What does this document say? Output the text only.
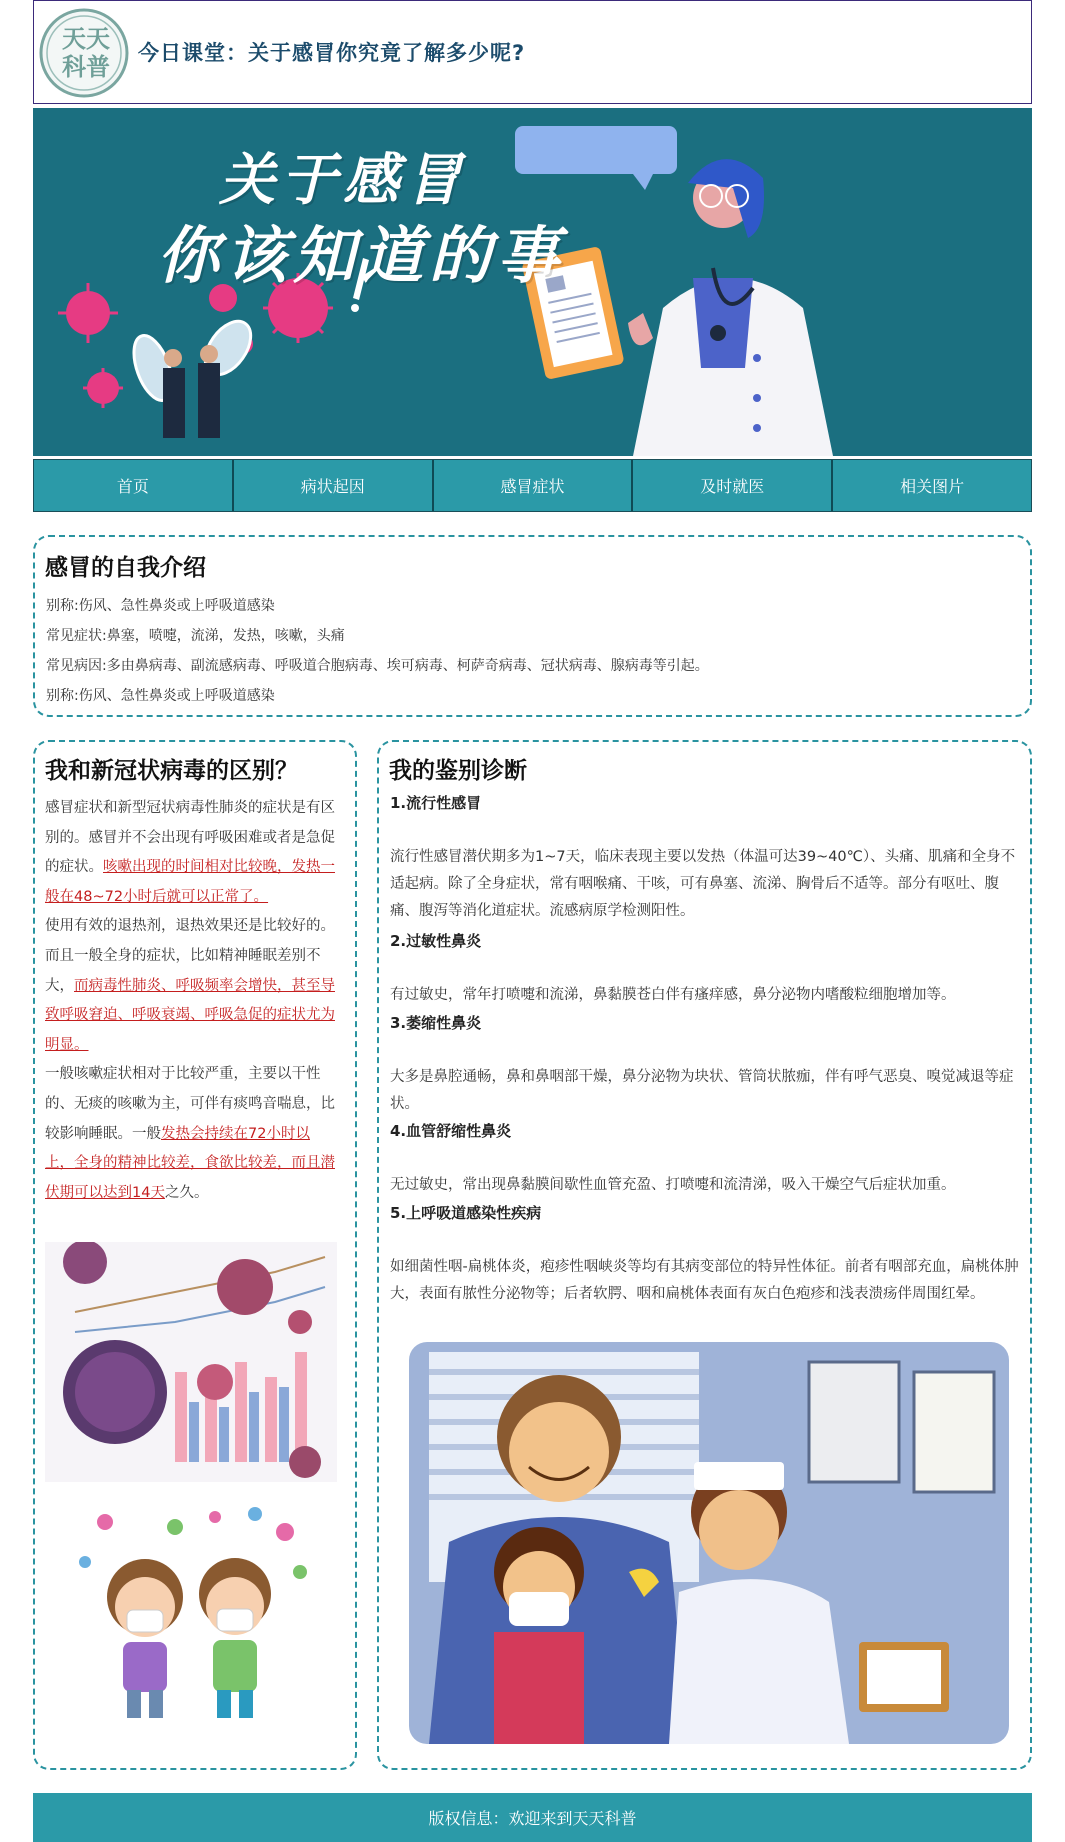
天 天
科 普 今日课堂：关于感冒你究竟了解多少呢?
关于感冒
你该知道的事
首页	病状起因	感冒症状	及时就医	相关图片
感冒的自我介绍
别称:伤风、急性鼻炎或上呼吸道感染
常见症状:鼻塞，喷嚏，流涕，发热，咳嗽，头痛
常见病因:多由鼻病毒、副流感病毒、呼吸道合胞病毒、埃可病毒、柯萨奇病毒、冠状病毒、腺病毒等引起。
别称:伤风、急性鼻炎或上呼吸道感染
我和新冠状病毒的区别？
感冒症状和新型冠状病毒性肺炎的症状是有区别的。感冒并不会出现有呼吸困难或者是急促的症状。咳嗽出现的时间相对比较晚，发热一般在48~72小时后就可以正常了。
使用有效的退热剂，退热效果还是比较好的。而且一般全身的症状，比如精神睡眠差别不大，而病毒性肺炎、呼吸频率会增快，甚至导致呼吸窘迫、呼吸衰竭、呼吸急促的症状尤为明显。
一般咳嗽症状相对于比较严重，主要以干性的、无痰的咳嗽为主，可伴有痰鸣音喘息，比较影响睡眠。一般发热会持续在72小时以上，全身的精神比较差，食欲比较差，而且潜伏期可以达到14天之久。
我的鉴别诊断
1.流行性感冒
流行性感冒潜伏期多为1~7天，临床表现主要以发热（体温可达39~40℃）、头痛、肌痛和全身不适起病。除了全身症状，常有咽喉痛、干咳，可有鼻塞、流涕、胸骨后不适等。部分有呕吐、腹痛、腹泻等消化道症状。流感病原学检测阳性。
2.过敏性鼻炎
有过敏史，常年打喷嚏和流涕，鼻黏膜苍白伴有瘙痒感，鼻分泌物内嗜酸粒细胞增加等。
3.萎缩性鼻炎
大多是鼻腔通畅，鼻和鼻咽部干燥，鼻分泌物为块状、管筒状脓痂，伴有呼气恶臭、嗅觉减退等症状。
4.血管舒缩性鼻炎
无过敏史，常出现鼻黏膜间歇性血管充盈、打喷嚏和流清涕，吸入干燥空气后症状加重。
5.上呼吸道感染性疾病
如细菌性咽-扁桃体炎，疱疹性咽峡炎等均有其病变部位的特异性体征。前者有咽部充血，扁桃体肿大，表面有脓性分泌物等；后者软腭、咽和扁桃体表面有灰白色疱疹和浅表溃疡伴周围红晕。
版权信息：欢迎来到天天科普
